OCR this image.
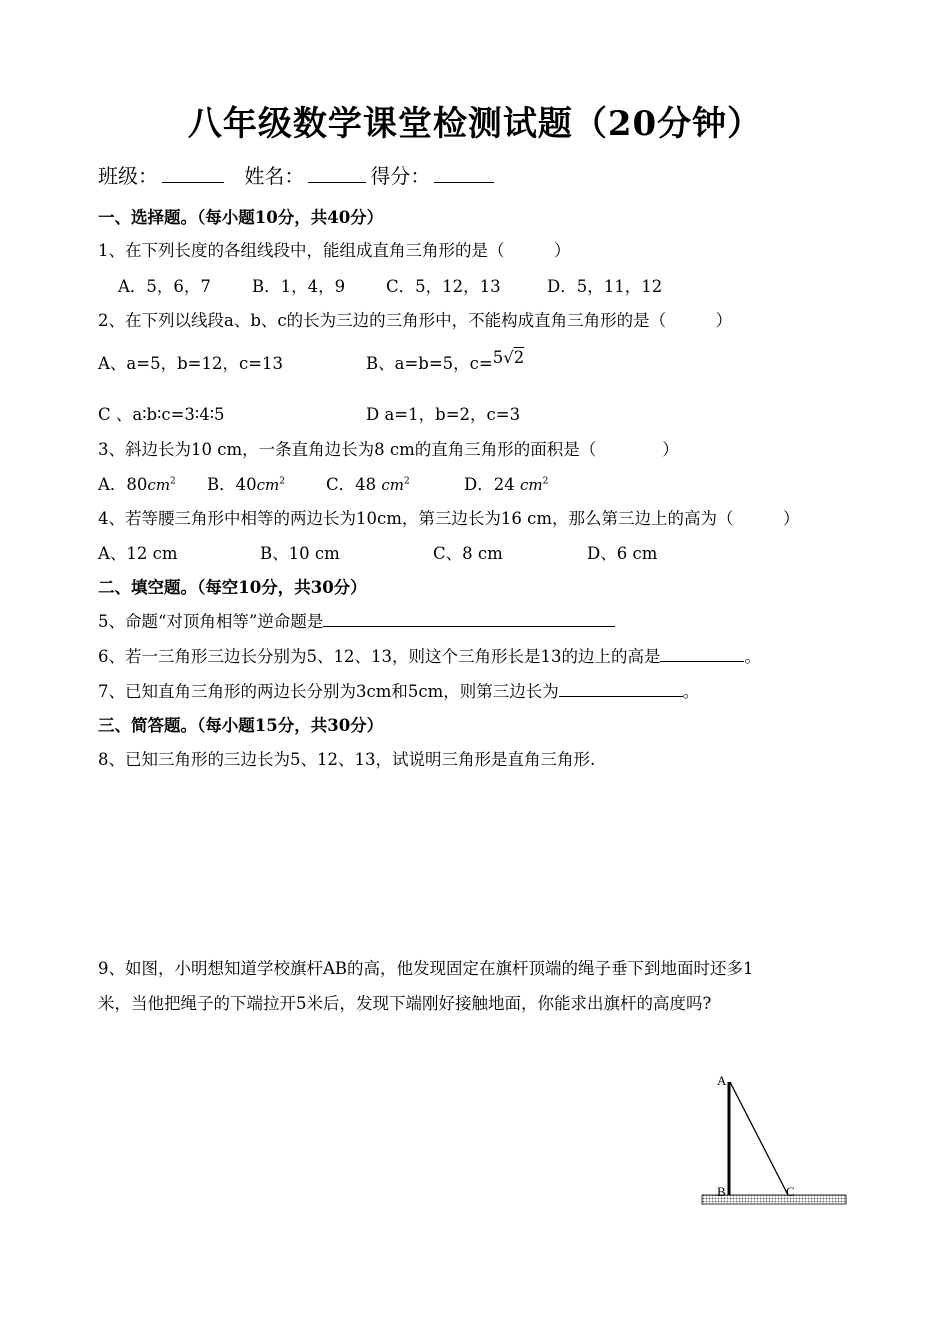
八年级数学课堂检测试题（20分钟）
班级：	姓名：	得分：
一、选择题。（每小题10分，共40分）
1、在下列长度的各组线段中，能组成直角三角形的是（　　　）
A．5，6，7 B．1，4，9 C．5，12，13	D．5，11，12
2、在下列以线段a、b、c的长为三边的三角形中，不能构成直角三角形的是（　　　）
A、a=5，b=12，c=13	B、a=b=5，c=5√2
C 、a∶b∶c=3∶4∶5	D a=1，b=2，c=3
3、斜边长为10 cm，一条直角边长为8 cm的直角三角形的面积是（　　　　）
A．$80cm^2$ B．$40cm^2$ C．48 $cm^2$	D．24 $cm^2$
4、若等腰三角形中相等的两边长为10cm，第三边长为16 cm，那么第三边上的高为（　　　）
A、12 cm	B、10 cm	C、8 cm	D、6 cm
二、填空题。（每空10分，共30分）
5、命题“对顶角相等”逆命题是
6、若一三角形三边长分别为5、12、13，则这个三角形长是13的边上的高是	。
7、已知直角三角形的两边长分别为3cm和5cm，则第三边长为	。
三、简答题。（每小题15分，共30分）
8、已知三角形的三边长为5、12、13，试说明三角形是直角三角形.
9、如图，小明想知道学校旗杆AB的高，他发现固定在旗杆顶端的绳子垂下到地面时还多1
米，当他把绳子的下端拉开5米后，发现下端刚好接触地面，你能求出旗杆的高度吗?
A
B	C
